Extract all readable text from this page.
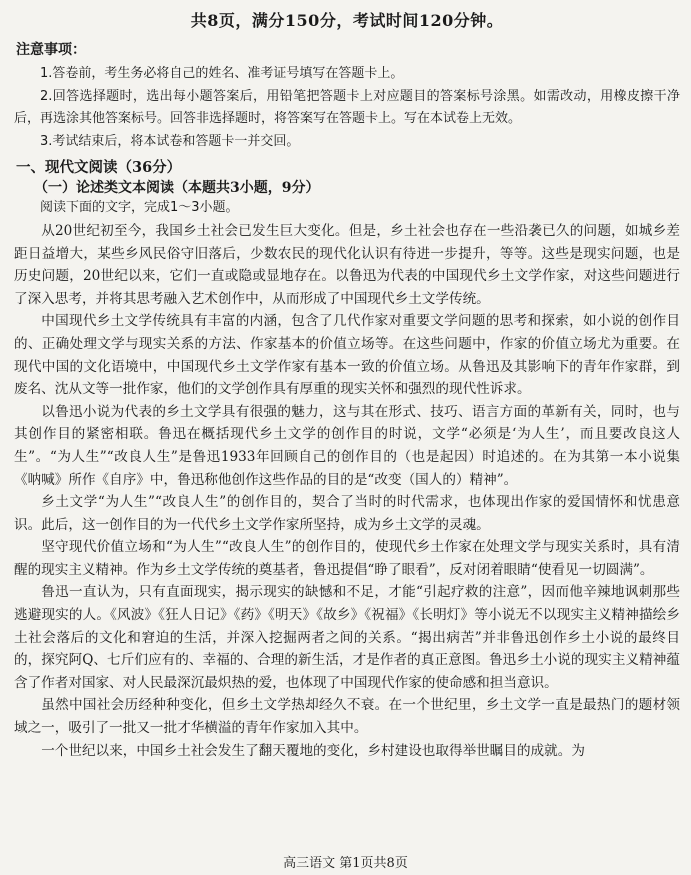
共8页，满分150分，考试时间120分钟。
注意事项：

1.答卷前，考生务必将自己的姓名、准考证号填写在答题卡上。

2.回答选择题时，选出每小题答案后，用铅笔把答题卡上对应题目的答案标号涂黑。如需改动，用橡皮擦干净后，再选涂其他答案标号。回答非选择题时，将答案写在答题卡上。写在本试卷上无效。

3.考试结束后，将本试卷和答题卡一并交回。

一、现代文阅读（36分）
（一）论述类文本阅读（本题共3小题，9分）

阅读下面的文字，完成1～3小题。

从20世纪初至今，我国乡土社会已发生巨大变化。但是，乡土社会也存在一些沿袭已久的问题，如城乡差距日益增大，某些乡风民俗守旧落后，少数农民的现代化认识有待进一步提升，等等。这些是现实问题，也是历史问题，20世纪以来，它们一直或隐或显地存在。以鲁迅为代表的中国现代乡土文学作家，对这些问题进行了深入思考，并将其思考融入艺术创作中，从而形成了中国现代乡土文学传统。

中国现代乡土文学传统具有丰富的内涵，包含了几代作家对重要文学问题的思考和探索，如小说的创作目的、正确处理文学与现实关系的方法、作家基本的价值立场等。在这些问题中，作家的价值立场尤为重要。在现代中国的文化语境中，中国现代乡土文学作家有基本一致的价值立场。从鲁迅及其影响下的青年作家群，到废名、沈从文等一批作家，他们的文学创作具有厚重的现实关怀和强烈的现代性诉求。

以鲁迅小说为代表的乡土文学具有很强的魅力，这与其在形式、技巧、语言方面的革新有关，同时，也与其创作目的紧密相联。鲁迅在概括现代乡土文学的创作目的时说，文学“必须是‘为人生’，而且要改良这人生”。“为人生”“改良人生”是鲁迅1933年回顾自己的创作目的（也是起因）时追述的。在为其第一本小说集《呐喊》所作《自序》中，鲁迅称他创作这些作品的目的是“改变（国人的）精神”。

乡土文学“为人生”“改良人生”的创作目的，契合了当时的时代需求，也体现出作家的爱国情怀和忧患意识。此后，这一创作目的为一代代乡土文学作家所坚持，成为乡土文学的灵魂。

坚守现代价值立场和“为人生”“改良人生”的创作目的，使现代乡土作家在处理文学与现实关系时，具有清醒的现实主义精神。作为乡土文学传统的奠基者，鲁迅提倡“睁了眼看”，反对闭着眼睛“使看见一切圆满”。

鲁迅一直认为，只有直面现实，揭示现实的缺憾和不足，才能“引起疗救的注意”，因而他辛辣地讽刺那些逃避现实的人。《风波》《狂人日记》《药》《明天》《故乡》《祝福》《长明灯》等小说无不以现实主义精神描绘乡土社会落后的文化和窘迫的生活，并深入挖掘两者之间的关系。“揭出病苦”并非鲁迅创作乡土小说的最终目的，探究阿Q、七斤们应有的、幸福的、合理的新生活，才是作者的真正意图。鲁迅乡土小说的现实主义精神蕴含了作者对国家、对人民最深沉最炽热的爱，也体现了中国现代作家的使命感和担当意识。

虽然中国社会历经种种变化，但乡土文学热却经久不衰。在一个世纪里，乡土文学一直是最热门的题材领域之一，吸引了一批又一批才华横溢的青年作家加入其中。

一个世纪以来，中国乡土社会发生了翻天覆地的变化，乡村建设也取得举世瞩目的成就。为

高三语文 第1页共8页
